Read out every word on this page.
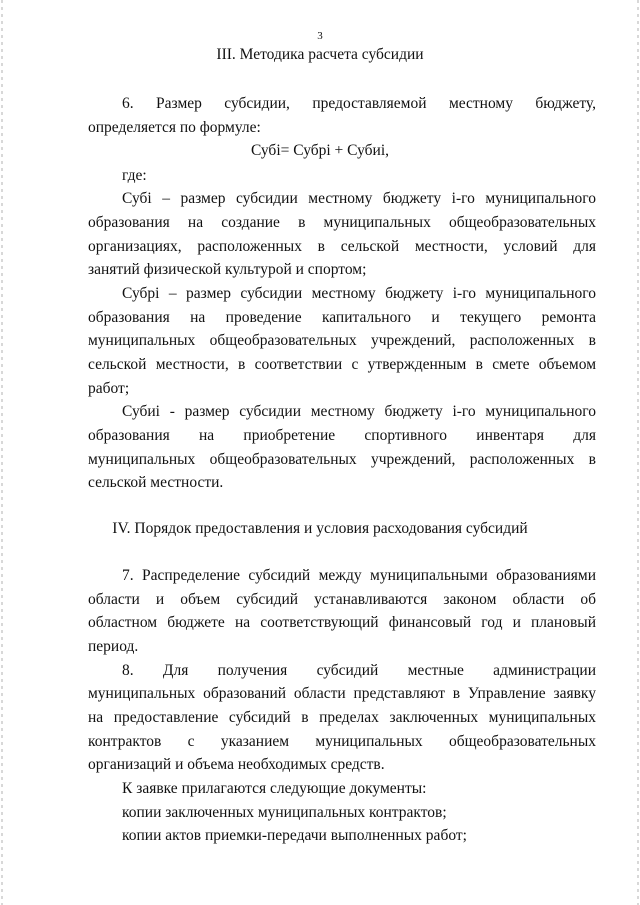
3
III. Методика расчета субсидии
6. Размер субсидии, предоставляемой местному бюджету,
определяется по формуле:
Субі= Субрі + Субиі,
где:
Субі – размер субсидии местному бюджету і-го муниципального
образования на создание в муниципальных общеобразовательных
организациях, расположенных в сельской местности, условий для
занятий физической культурой и спортом;
Субрі – размер субсидии местному бюджету і-го муниципального
образования на проведение капитального и текущего ремонта
муниципальных общеобразовательных учреждений, расположенных в
сельской местности, в соответствии с утвержденным в смете объемом
работ;
Субиі - размер субсидии местному бюджету і-го муниципального
образования на приобретение спортивного инвентаря для
муниципальных общеобразовательных учреждений, расположенных в
сельской местности.
IV. Порядок предоставления и условия расходования субсидий
7. Распределение субсидий между муниципальными образованиями
области и объем субсидий устанавливаются законом области об
областном бюджете на соответствующий финансовый год и плановый
период.
8. Для получения субсидий местные администрации
муниципальных образований области представляют в Управление заявку
на предоставление субсидий в пределах заключенных муниципальных
контрактов с указанием муниципальных общеобразовательных
организаций и объема необходимых средств.
К заявке прилагаются следующие документы:
копии заключенных муниципальных контрактов;
копии актов приемки-передачи выполненных работ;
